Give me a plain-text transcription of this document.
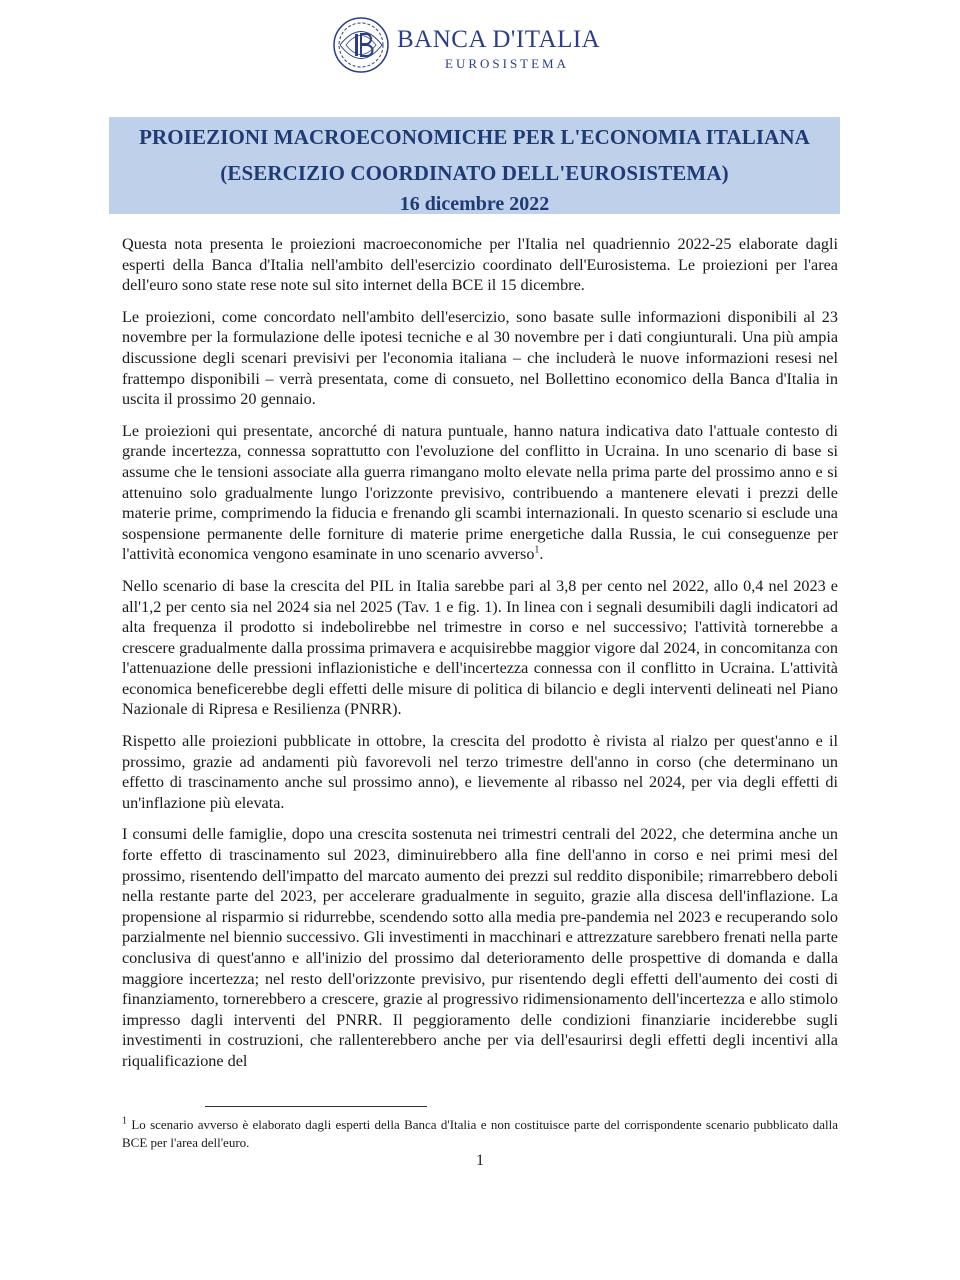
BANCA D'ITALIA
EUROSISTEMA
PROIEZIONI MACROECONOMICHE PER L'ECONOMIA ITALIANA
(ESERCIZIO COORDINATO DELL'EUROSISTEMA)
16 dicembre 2022

Questa nota presenta le proiezioni macroeconomiche per l'Italia nel quadriennio 2022-25 elaborate dagli esperti della Banca d'Italia nell'ambito dell'esercizio coordinato dell'Eurosistema. Le proiezioni per l'area dell'euro sono state rese note sul sito internet della BCE il 15 dicembre.

Le proiezioni, come concordato nell'ambito dell'esercizio, sono basate sulle informazioni disponibili al 23 novembre per la formulazione delle ipotesi tecniche e al 30 novembre per i dati congiunturali. Una più ampia discussione degli scenari previsivi per l'economia italiana – che includerà le nuove informazioni resesi nel frattempo disponibili – verrà presentata, come di consueto, nel Bollettino economico della Banca d'Italia in uscita il prossimo 20 gennaio.

Le proiezioni qui presentate, ancorché di natura puntuale, hanno natura indicativa dato l'attuale contesto di grande incertezza, connessa soprattutto con l'evoluzione del conflitto in Ucraina. In uno scenario di base si assume che le tensioni associate alla guerra rimangano molto elevate nella prima parte del prossimo anno e si attenuino solo gradualmente lungo l'orizzonte previsivo, contribuendo a mantenere elevati i prezzi delle materie prime, comprimendo la fiducia e frenando gli scambi internazionali. In questo scenario si esclude una sospensione permanente delle forniture di materie prime energetiche dalla Russia, le cui conseguenze per l'attività economica vengono esaminate in uno scenario avverso$^1$.

Nello scenario di base la crescita del PIL in Italia sarebbe pari al 3,8 per cento nel 2022, allo 0,4 nel 2023 e all'1,2 per cento sia nel 2024 sia nel 2025 (Tav. 1 e fig. 1). In linea con i segnali desumibili dagli indicatori ad alta frequenza il prodotto si indebolirebbe nel trimestre in corso e nel successivo; l'attività tornerebbe a crescere gradualmente dalla prossima primavera e acquisirebbe maggior vigore dal 2024, in concomitanza con l'attenuazione delle pressioni inflazionistiche e dell'incertezza connessa con il conflitto in Ucraina. L'attività economica beneficerebbe degli effetti delle misure di politica di bilancio e degli interventi delineati nel Piano Nazionale di Ripresa e Resilienza (PNRR).

Rispetto alle proiezioni pubblicate in ottobre, la crescita del prodotto è rivista al rialzo per quest'anno e il prossimo, grazie ad andamenti più favorevoli nel terzo trimestre dell'anno in corso (che determinano un effetto di trascinamento anche sul prossimo anno), e lievemente al ribasso nel 2024, per via degli effetti di un'inflazione più elevata.

I consumi delle famiglie, dopo una crescita sostenuta nei trimestri centrali del 2022, che determina anche un forte effetto di trascinamento sul 2023, diminuirebbero alla fine dell'anno in corso e nei primi mesi del prossimo, risentendo dell'impatto del marcato aumento dei prezzi sul reddito disponibile; rimarrebbero deboli nella restante parte del 2023, per accelerare gradualmente in seguito, grazie alla discesa dell'inflazione. La propensione al risparmio si ridurrebbe, scendendo sotto alla media pre-pandemia nel 2023 e recuperando solo parzialmente nel biennio successivo. Gli investimenti in macchinari e attrezzature sarebbero frenati nella parte conclusiva di quest'anno e all'inizio del prossimo dal deterioramento delle prospettive di domanda e dalla maggiore incertezza; nel resto dell'orizzonte previsivo, pur risentendo degli effetti dell'aumento dei costi di finanziamento, tornerebbero a crescere, grazie al progressivo ridimensionamento dell'incertezza e allo stimolo impresso dagli interventi del PNRR. Il peggioramento delle condizioni finanziarie inciderebbe sugli investimenti in costruzioni, che rallenterebbero anche per via dell'esaurirsi degli effetti degli incentivi alla riqualificazione del

$^1$ Lo scenario avverso è elaborato dagli esperti della Banca d'Italia e non costituisce parte del corrispondente scenario pubblicato dalla BCE per l'area dell'euro.
1
